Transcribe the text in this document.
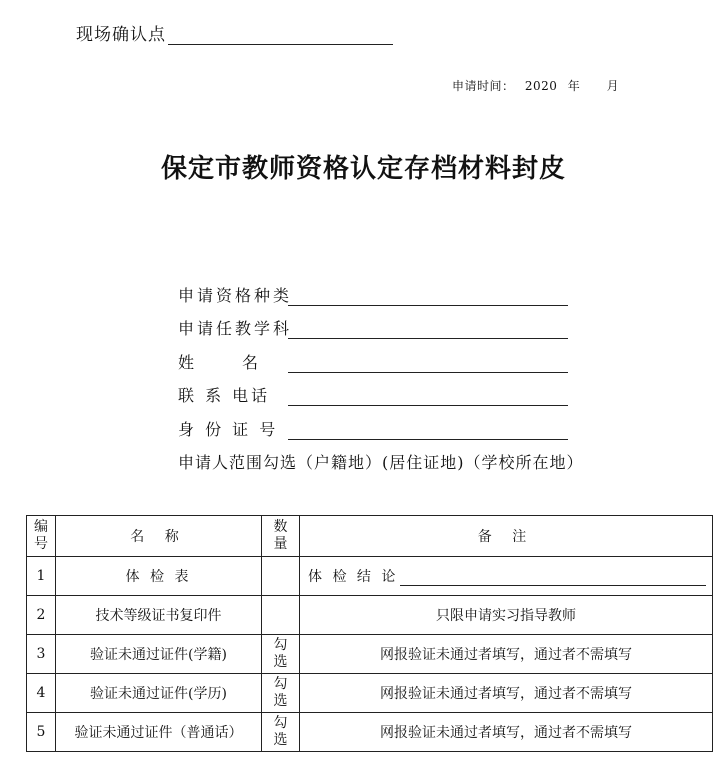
现场确认点
申请时间： 2020 年 月
保定市教师资格认定存档材料封皮
申请资格种类
申请任教学科
姓　　　名
联 系 电话
身 份 证 号
申请人范围勾选（户籍地）(居住证地)（学校所在地）
编号	名 称	数量	备 注
1	体 检 表		体 检 结 论

2	技术等级证书复印件		只限申请实习指导教师
3	验证未通过证件(学籍)	勾选	网报验证未通过者填写，通过者不需填写
4	验证未通过证件(学历)	勾选	网报验证未通过者填写，通过者不需填写
5	验证未通过证件（普通话）	勾选	网报验证未通过者填写，通过者不需填写
